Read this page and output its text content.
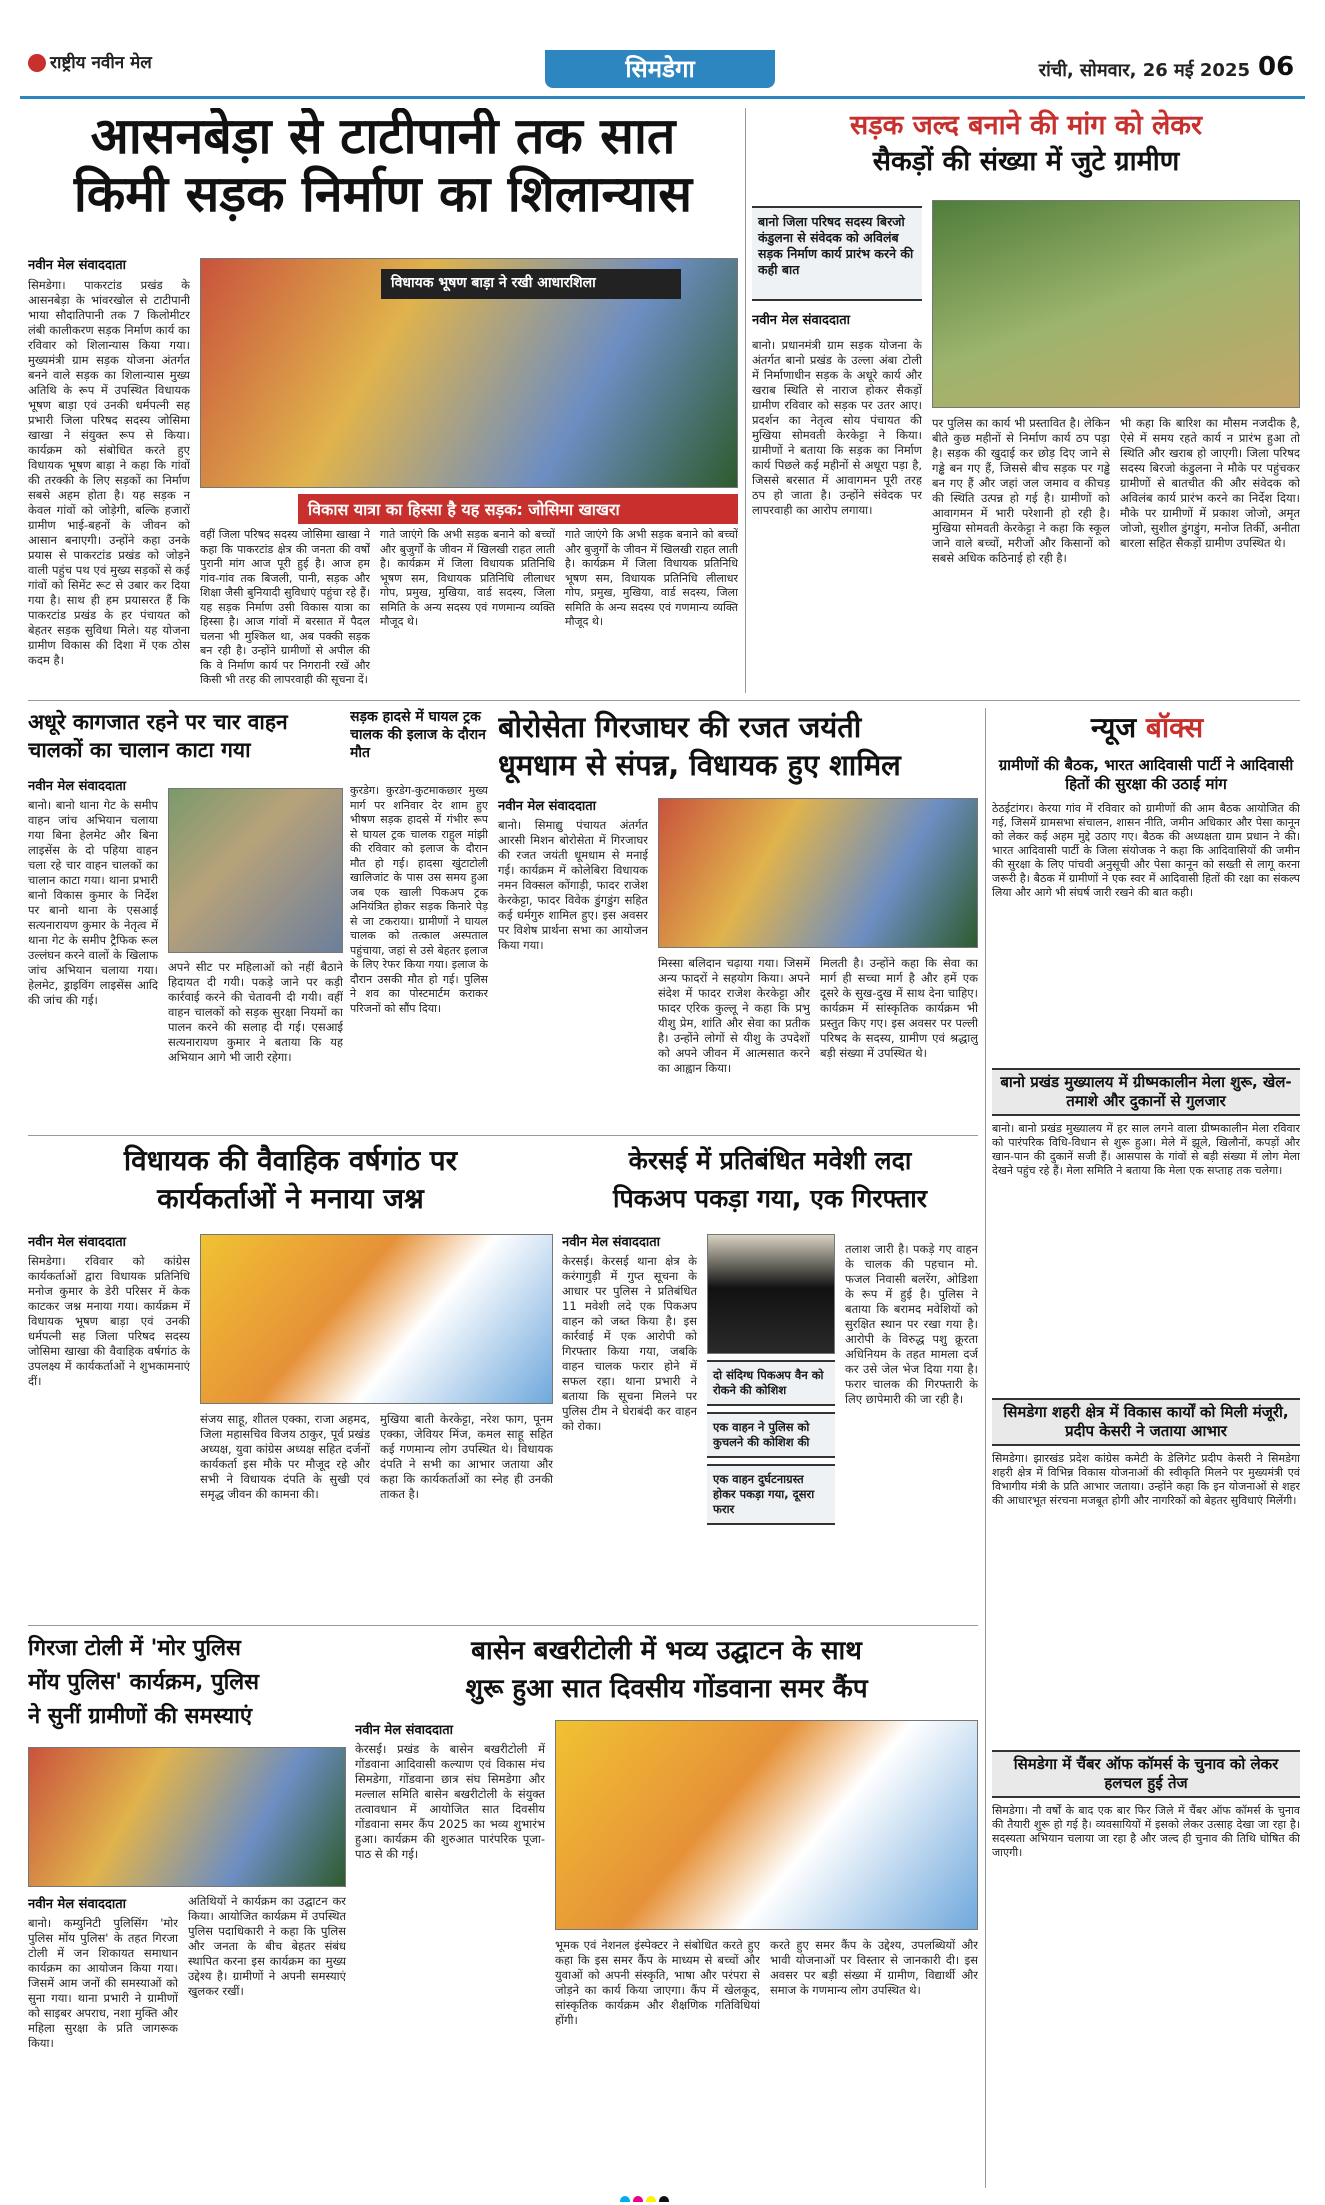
राष्ट्रीय नवीन मेल	सिमडेगा	रांची, सोमवार, 26 मई 2025 06
आसनबेड़ा से टाटीपानी तक सात
किमी सड़क निर्माण का शिलान्यास
नवीन मेल संवाददाता
सिमडेगा। पाकरटांड प्रखंड के आसनबेड़ा के भांवरखोल से टाटीपानी भाया सौदातिपानी तक 7 किलोमीटर लंबी कालीकरण सड़क निर्माण कार्य का रविवार को शिलान्यास किया गया। मुख्यमंत्री ग्राम सड़क योजना अंतर्गत बनने वाले सड़क का शिलान्यास मुख्य अतिथि के रूप में उपस्थित विधायक भूषण बाड़ा एवं उनकी धर्मपत्नी सह प्रभारी जिला परिषद सदस्य जोसिमा खाखा ने संयुक्त रूप से किया। कार्यक्रम को संबोधित करते हुए विधायक भूषण बाड़ा ने कहा कि गांवों की तरक्की के लिए सड़कों का निर्माण सबसे अहम होता है। यह सड़क न केवल गांवों को जोड़ेगी, बल्कि हजारों ग्रामीण भाई-बहनों के जीवन को आसान बनाएगी। उन्होंने कहा उनके प्रयास से पाकरटांड प्रखंड को जोड़ने वाली पहुंच पथ एवं मुख्य सड़कों से कई गांवों को सिमेंट रूट से उबार कर दिया गया है। साथ ही हम प्रयासरत हैं कि पाकरटांड प्रखंड के हर पंचायत को बेहतर सड़क सुविधा मिले। यह योजना ग्रामीण विकास की दिशा में एक ठोस कदम है।
विधायक भूषण बाड़ा ने रखी आधारशिला
विकास यात्रा का हिस्सा है यह सड़क: जोसिमा खाखरा
वहीं जिला परिषद सदस्य जोसिमा खाखा ने कहा कि पाकरटांड क्षेत्र की जनता की वर्षों पुरानी मांग आज पूरी हुई है। आज हम गांव-गांव तक बिजली, पानी, सड़क और शिक्षा जैसी बुनियादी सुविधाएं पहुंचा रहे हैं। यह सड़क निर्माण उसी विकास यात्रा का हिस्सा है। आज गांवों में बरसात में पैदल चलना भी मुश्किल था, अब पक्की सड़क बन रही है। उन्होंने ग्रामीणों से अपील की कि वे निर्माण कार्य पर निगरानी रखें और किसी भी तरह की लापरवाही की सूचना दें।
गाते जाएंगे कि अभी सड़क बनाने को बच्चों और बुजुर्गों के जीवन में खिलखी राहत लाती है। कार्यक्रम में जिला विधायक प्रतिनिधि भूषण सम, विधायक प्रतिनिधि लीलाधर गोप, प्रमुख, मुखिया, वार्ड सदस्य, जिला समिति के अन्य सदस्य एवं गणमान्य व्यक्ति मौजूद थे।
गाते जाएंगे कि अभी सड़क बनाने को बच्चों और बुजुर्गों के जीवन में खिलखी राहत लाती है। कार्यक्रम में जिला विधायक प्रतिनिधि भूषण सम, विधायक प्रतिनिधि लीलाधर गोप, प्रमुख, मुखिया, वार्ड सदस्य, जिला समिति के अन्य सदस्य एवं गणमान्य व्यक्ति मौजूद थे।
सड़क जल्द बनाने की मांग को लेकर
सैकड़ों की संख्या में जुटे ग्रामीण
बानो जिला परिषद सदस्य बिरजो कंडुलना से संवेदक को अविलंब सड़क निर्माण कार्य प्रारंभ करने की कही बात
नवीन मेल संवाददाता
बानो। प्रधानमंत्री ग्राम सड़क योजना के अंतर्गत बानो प्रखंड के उल्ला अंबा टोली में निर्माणाधीन सड़क के अधूरे कार्य और खराब स्थिति से नाराज होकर सैकड़ों ग्रामीण रविवार को सड़क पर उतर आए। प्रदर्शन का नेतृत्व सोय पंचायत की मुखिया सोमवती केरकेट्टा ने किया। ग्रामीणों ने बताया कि सड़क का निर्माण कार्य पिछले कई महीनों से अधूरा पड़ा है, जिससे बरसात में आवागमन पूरी तरह ठप हो जाता है। उन्होंने संवेदक पर लापरवाही का आरोप लगाया।
पर पुलिस का कार्य भी प्रस्तावित है। लेकिन बीते कुछ महीनों से निर्माण कार्य ठप पड़ा है। सड़क की खुदाई कर छोड़ दिए जाने से गड्ढे बन गए हैं, जिससे बीच सड़क पर गड्ढे बन गए हैं और जहां जल जमाव व कीचड़ की स्थिति उत्पन्न हो गई है। ग्रामीणों को आवागमन में भारी परेशानी हो रही है। मुखिया सोमवती केरकेट्टा ने कहा कि स्कूल जाने वाले बच्चों, मरीजों और किसानों को सबसे अधिक कठिनाई हो रही है।
भी कहा कि बारिश का मौसम नजदीक है, ऐसे में समय रहते कार्य न प्रारंभ हुआ तो स्थिति और खराब हो जाएगी। जिला परिषद सदस्य बिरजो कंडुलना ने मौके पर पहुंचकर ग्रामीणों से बातचीत की और संवेदक को अविलंब कार्य प्रारंभ करने का निर्देश दिया। मौके पर ग्रामीणों में प्रकाश जोजो, अमृत जोजो, सुशील डुंगडुंग, मनोज तिर्की, अनीता बारला सहित सैकड़ों ग्रामीण उपस्थित थे।
अधूरे कागजात रहने पर चार वाहन चालकों का चालान काटा गया
नवीन मेल संवाददाता
बानो। बानो थाना गेट के समीप वाहन जांच अभियान चलाया गया बिना हेलमेट और बिना लाइसेंस के दो पहिया वाहन चला रहे चार वाहन चालकों का चालान काटा गया। थाना प्रभारी बानो विकास कुमार के निर्देश पर बानो थाना के एसआई सत्यनारायण कुमार के नेतृत्व में थाना गेट के समीप ट्रैफिक रूल उल्लंघन करने वालों के खिलाफ जांच अभियान चलाया गया। हेलमेट, ड्राइविंग लाइसेंस आदि की जांच की गई।
अपने सीट पर महिलाओं को नहीं बैठाने हिदायत दी गयी। पकड़े जाने पर कड़ी कार्रवाई करने की चेतावनी दी गयी। वहीं वाहन चालकों को सड़क सुरक्षा नियमों का पालन करने की सलाह दी गई। एसआई सत्यनारायण कुमार ने बताया कि यह अभियान आगे भी जारी रहेगा।
सड़क हादसे में घायल ट्रक चालक की इलाज के दौरान मौत
कुरडेग। कुरडेग-कुटमाकछार मुख्य मार्ग पर शनिवार देर शाम हुए भीषण सड़क हादसे में गंभीर रूप से घायल ट्रक चालक राहुल मांझी की रविवार को इलाज के दौरान मौत हो गई। हादसा खुंटाटोली खालिजांट के पास उस समय हुआ जब एक खाली पिकअप ट्रक अनियंत्रित होकर सड़क किनारे पेड़ से जा टकराया। ग्रामीणों ने घायल चालक को तत्काल अस्पताल पहुंचाया, जहां से उसे बेहतर इलाज के लिए रेफर किया गया। इलाज के दौरान उसकी मौत हो गई। पुलिस ने शव का पोस्टमार्टम कराकर परिजनों को सौंप दिया।
बोरोसेता गिरजाघर की रजत जयंती
धूमधाम से संपन्न, विधायक हुए शामिल
नवीन मेल संवाददाता
बानो। सिमाद्यु पंचायत अंतर्गत आरसी मिशन बोरोसेता में गिरजाघर की रजत जयंती धूमधाम से मनाई गई। कार्यक्रम में कोलेबिरा विधायक नमन विक्सल कोंगाड़ी, फादर राजेश केरकेट्टा, फादर विवेक डुंगडुंग सहित कई धर्मगुरु शामिल हुए। इस अवसर पर विशेष प्रार्थना सभा का आयोजन किया गया।
मिस्सा बलिदान चढ़ाया गया। जिसमें अन्य फादरों ने सहयोग किया। अपने संदेश में फादर राजेश केरकेट्टा और फादर एरिक कुल्लू ने कहा कि प्रभु यीशु प्रेम, शांति और सेवा का प्रतीक है। उन्होंने लोगों से यीशु के उपदेशों को अपने जीवन में आत्मसात करने का आह्वान किया।
मिलती है। उन्होंने कहा कि सेवा का मार्ग ही सच्चा मार्ग है और हमें एक दूसरे के सुख-दुख में साथ देना चाहिए। कार्यक्रम में सांस्कृतिक कार्यक्रम भी प्रस्तुत किए गए। इस अवसर पर पल्ली परिषद के सदस्य, ग्रामीण एवं श्रद्धालु बड़ी संख्या में उपस्थित थे।
न्यूज बॉक्स
ग्रामीणों की बैठक, भारत आदिवासी पार्टी ने आदिवासी हितों की सुरक्षा की उठाई मांग
ठेठईटांगर। केरया गांव में रविवार को ग्रामीणों की आम बैठक आयोजित की गई, जिसमें ग्रामसभा संचालन, शासन नीति, जमीन अधिकार और पेसा कानून को लेकर कई अहम मुद्दे उठाए गए। बैठक की अध्यक्षता ग्राम प्रधान ने की। भारत आदिवासी पार्टी के जिला संयोजक ने कहा कि आदिवासियों की जमीन की सुरक्षा के लिए पांचवी अनुसूची और पेसा कानून को सख्ती से लागू करना जरूरी है। बैठक में ग्रामीणों ने एक स्वर में आदिवासी हितों की रक्षा का संकल्प लिया और आगे भी संघर्ष जारी रखने की बात कही।
बानो प्रखंड मुख्यालय में ग्रीष्मकालीन मेला शुरू, खेल-तमाशे और दुकानों से गुलजार
बानो। बानो प्रखंड मुख्यालय में हर साल लगने वाला ग्रीष्मकालीन मेला रविवार को पारंपरिक विधि-विधान से शुरू हुआ। मेले में झूले, खिलौनों, कपड़ों और खान-पान की दुकानें सजी हैं। आसपास के गांवों से बड़ी संख्या में लोग मेला देखने पहुंच रहे हैं। मेला समिति ने बताया कि मेला एक सप्ताह तक चलेगा।
सिमडेगा शहरी क्षेत्र में विकास कार्यों को मिली मंजूरी, प्रदीप केसरी ने जताया आभार
सिमडेगा। झारखंड प्रदेश कांग्रेस कमेटी के डेलिगेट प्रदीप केसरी ने सिमडेगा शहरी क्षेत्र में विभिन्न विकास योजनाओं की स्वीकृति मिलने पर मुख्यमंत्री एवं विभागीय मंत्री के प्रति आभार जताया। उन्होंने कहा कि इन योजनाओं से शहर की आधारभूत संरचना मजबूत होगी और नागरिकों को बेहतर सुविधाएं मिलेंगी।
सिमडेगा में चैंबर ऑफ कॉमर्स के चुनाव को लेकर हलचल हुई तेज
सिमडेगा। नौ वर्षों के बाद एक बार फिर जिले में चैंबर ऑफ कॉमर्स के चुनाव की तैयारी शुरू हो गई है। व्यवसायियों में इसको लेकर उत्साह देखा जा रहा है। सदस्यता अभियान चलाया जा रहा है और जल्द ही चुनाव की तिथि घोषित की जाएगी।
विधायक की वैवाहिक वर्षगांठ पर
कार्यकर्ताओं ने मनाया जश्न
नवीन मेल संवाददाता
सिमडेगा। रविवार को कांग्रेस कार्यकर्ताओं द्वारा विधायक प्रतिनिधि मनोज कुमार के डेरी परिसर में केक काटकर जश्न मनाया गया। कार्यक्रम में विधायक भूषण बाड़ा एवं उनकी धर्मपत्नी सह जिला परिषद सदस्य जोसिमा खाखा की वैवाहिक वर्षगांठ के उपलक्ष्य में कार्यकर्ताओं ने शुभकामनाएं दीं।
संजय साहू, शीतल एक्का, राजा अहमद, जिला महासचिव विजय ठाकुर, पूर्व प्रखंड अध्यक्ष, युवा कांग्रेस अध्यक्ष सहित दर्जनों कार्यकर्ता इस मौके पर मौजूद रहे और सभी ने विधायक दंपति के सुखी एवं समृद्ध जीवन की कामना की।
मुखिया बाती केरकेट्टा, नरेश फाग, पूनम एक्का, जेवियर मिंज, कमल साहू सहित कई गणमान्य लोग उपस्थित थे। विधायक दंपति ने सभी का आभार जताया और कहा कि कार्यकर्ताओं का स्नेह ही उनकी ताकत है।
केरसई में प्रतिबंधित मवेशी लदा
पिकअप पकड़ा गया, एक गिरफ्तार
नवीन मेल संवाददाता
केरसई। केरसई थाना क्षेत्र के करंगागुड़ी में गुप्त सूचना के आधार पर पुलिस ने प्रतिबंधित 11 मवेशी लदे एक पिकअप वाहन को जब्त किया है। इस कार्रवाई में एक आरोपी को गिरफ्तार किया गया, जबकि वाहन चालक फरार होने में सफल रहा। थाना प्रभारी ने बताया कि सूचना मिलने पर पुलिस टीम ने घेराबंदी कर वाहन को रोका।
दो संदिग्ध पिकअप वैन को रोकने की कोशिश
एक वाहन ने पुलिस को कुचलने की कोशिश की
एक वाहन दुर्घटनाग्रस्त होकर पकड़ा गया, दूसरा फरार
तलाश जारी है। पकड़े गए वाहन के चालक की पहचान मो. फजल निवासी बलरेंग, ओडिशा के रूप में हुई है। पुलिस ने बताया कि बरामद मवेशियों को सुरक्षित स्थान पर रखा गया है। आरोपी के विरुद्ध पशु क्रूरता अधिनियम के तहत मामला दर्ज कर उसे जेल भेज दिया गया है। फरार चालक की गिरफ्तारी के लिए छापेमारी की जा रही है।
गिरजा टोली में 'मोर पुलिस
मोंय पुलिस' कार्यक्रम, पुलिस
ने सुनीं ग्रामीणों की समस्याएं
नवीन मेल संवाददाता
बानो। कम्युनिटी पुलिसिंग 'मोर पुलिस मोंय पुलिस' के तहत गिरजा टोली में जन शिकायत समाधान कार्यक्रम का आयोजन किया गया। जिसमें आम जनों की समस्याओं को सुना गया। थाना प्रभारी ने ग्रामीणों को साइबर अपराध, नशा मुक्ति और महिला सुरक्षा के प्रति जागरूक किया।
अतिथियों ने कार्यक्रम का उद्घाटन कर किया। आयोजित कार्यक्रम में उपस्थित पुलिस पदाधिकारी ने कहा कि पुलिस और जनता के बीच बेहतर संबंध स्थापित करना इस कार्यक्रम का मुख्य उद्देश्य है। ग्रामीणों ने अपनी समस्याएं खुलकर रखीं।
बासेन बखरीटोली में भव्य उद्घाटन के साथ
शुरू हुआ सात दिवसीय गोंडवाना समर कैंप
नवीन मेल संवाददाता
केरसई। प्रखंड के बासेन बखरीटोली में गोंडवाना आदिवासी कल्याण एवं विकास मंच सिमडेगा, गोंडवाना छात्र संघ सिमडेगा और मल्लाल समिति बासेन बखरीटोली के संयुक्त तत्वावधान में आयोजित सात दिवसीय गोंडवाना समर कैंप 2025 का भव्य शुभारंभ हुआ। कार्यक्रम की शुरुआत पारंपरिक पूजा-पाठ से की गई।
भूमक एवं नेशनल इंस्पेक्टर ने संबोधित करते हुए कहा कि इस समर कैंप के माध्यम से बच्चों और युवाओं को अपनी संस्कृति, भाषा और परंपरा से जोड़ने का कार्य किया जाएगा। कैंप में खेलकूद, सांस्कृतिक कार्यक्रम और शैक्षणिक गतिविधियां होंगी।
करते हुए समर कैंप के उद्देश्य, उपलब्धियों और भावी योजनाओं पर विस्तार से जानकारी दी। इस अवसर पर बड़ी संख्या में ग्रामीण, विद्यार्थी और समाज के गणमान्य लोग उपस्थित थे।
